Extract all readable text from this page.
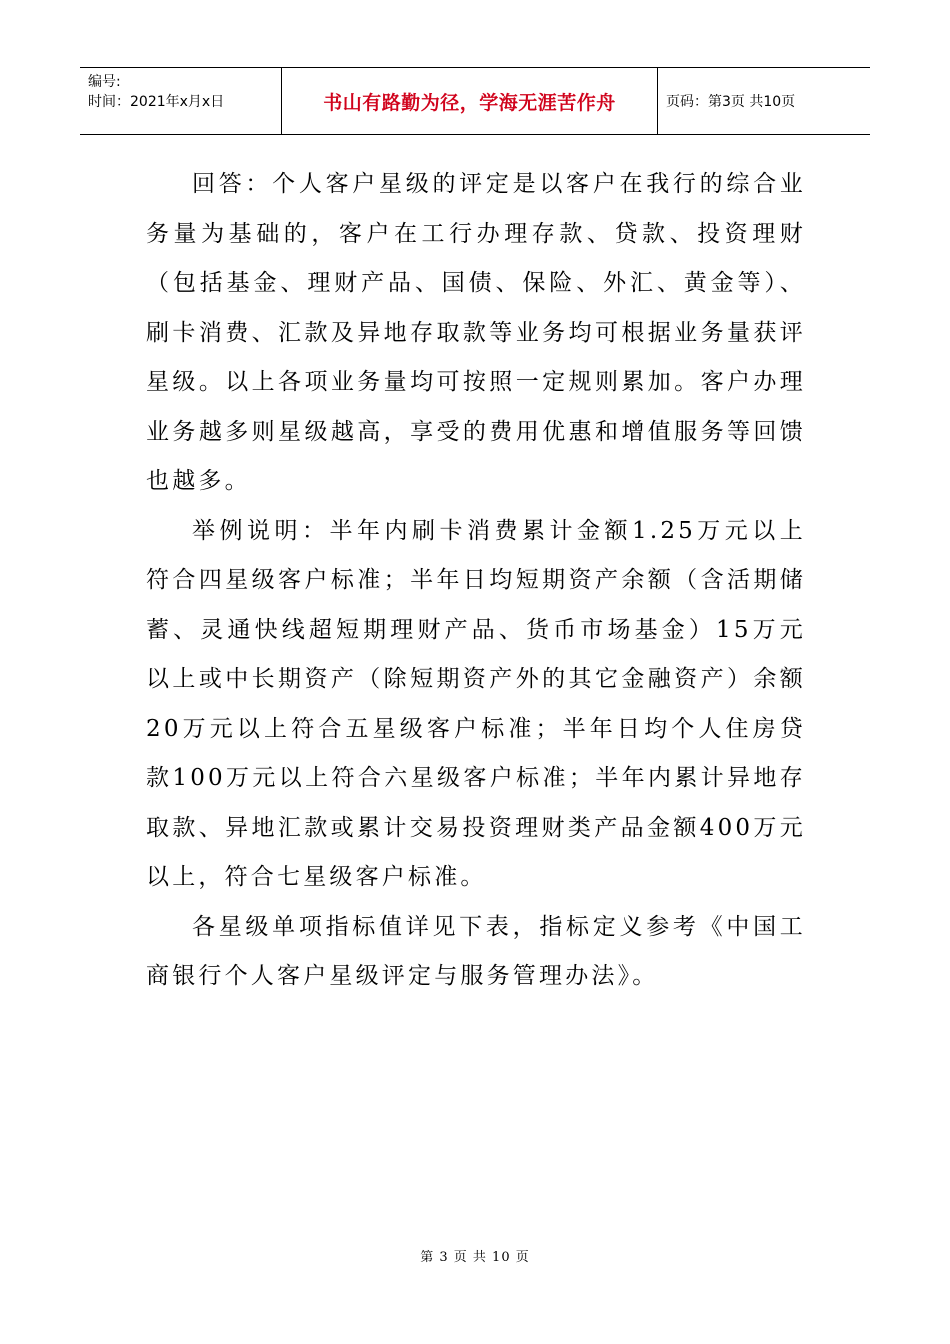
编号:
时间：2021年x月x日	书山有路勤为径，学海无涯苦作舟	页码：第3页 共10页

回答：个人客户星级的评定是以客户在我行的综合业务量为基础的，客户在工行办理存款、贷款、投资理财（包括基金、理财产品、国债、保险、外汇、黄金等）、刷卡消费、汇款及异地存取款等业务均可根据业务量获评星级。以上各项业务量均可按照一定规则累加。客户办理业务越多则星级越高，享受的费用优惠和增值服务等回馈也越多。

举例说明：半年内刷卡消费累计金额1.25万元以上符合四星级客户标准；半年日均短期资产余额（含活期储蓄、灵通快线超短期理财产品、货币市场基金）15万元以上或中长期资产（除短期资产外的其它金融资产）余额20万元以上符合五星级客户标准；半年日均个人住房贷款100万元以上符合六星级客户标准；半年内累计异地存取款、异地汇款或累计交易投资理财类产品金额400万元以上，符合七星级客户标准。

各星级单项指标值详见下表，指标定义参考《中国工商银行个人客户星级评定与服务管理办法》。

第 3 页 共 10 页
